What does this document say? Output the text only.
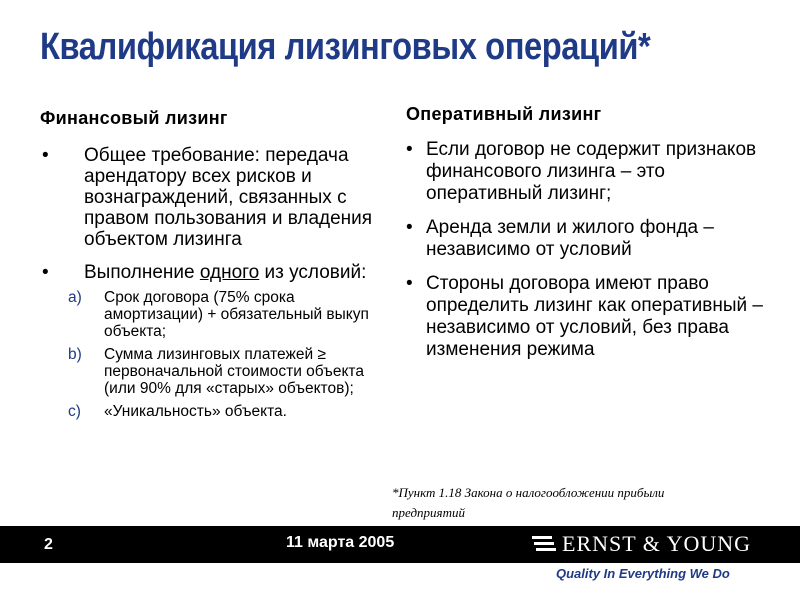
Квалификация лизинговых операций*
Финансовый лизинг
• Общее требование: передача арендатору всех рисков и вознаграждений, связанных с правом пользования и владения объектом лизинга
• Выполнение одного из условий:
a) Срок договора (75% срока амортизации) + обязательный выкуп объекта;
b) Сумма лизинговых платежей ≥ первоначальной стоимости объекта (или 90% для «старых» объектов);
c) «Уникальность» объекта.
Оперативный лизинг
• Если договор не содержит признаков финансового лизинга – это оперативный лизинг;
• Аренда земли и жилого фонда – независимо от условий
• Стороны договора имеют право определить лизинг как оперативный – независимо от условий, без права изменения режима
*Пункт 1.18 Закона о налогообложении прибыли предприятий
2	11 марта 2005	ERNST & YOUNG
Quality In Everything We Do
